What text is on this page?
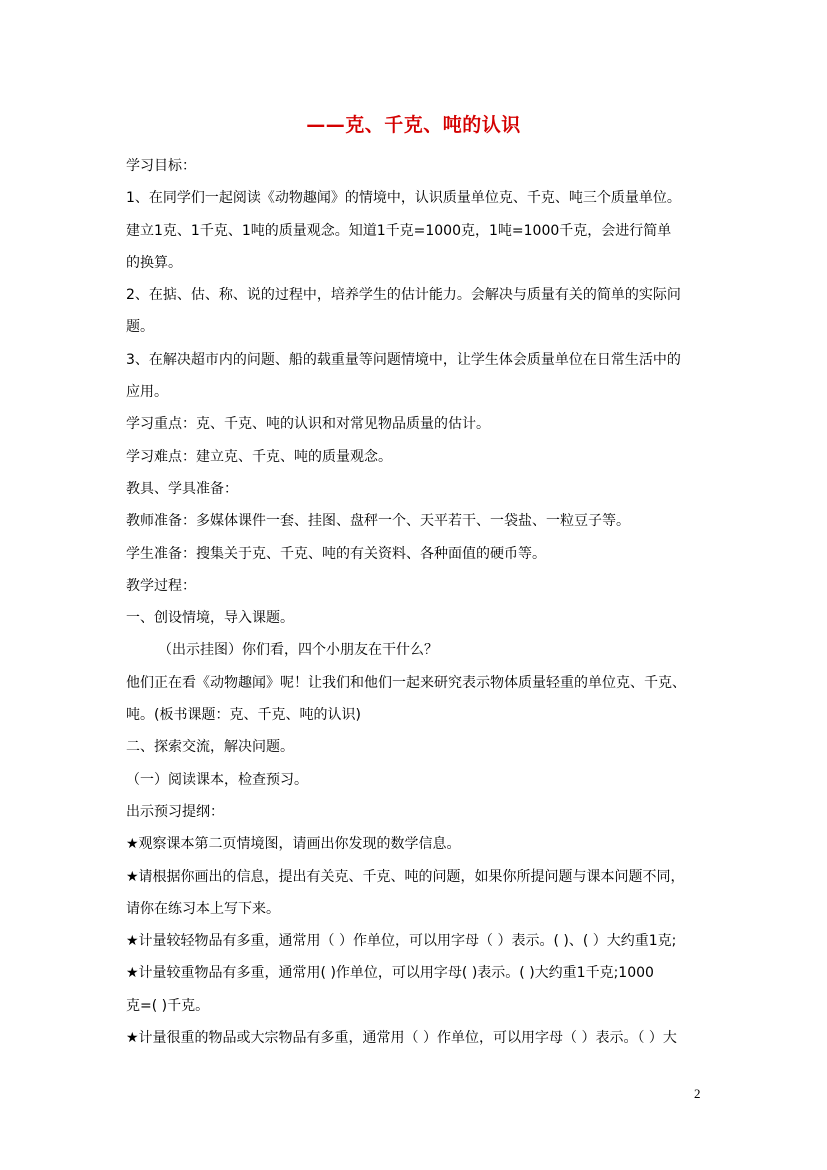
——克、千克、吨的认识
学习目标：
1、在同学们一起阅读《动物趣闻》的情境中，认识质量单位克、千克、吨三个质量单位。
建立1克、1千克、1吨的质量观念。知道1千克=1000克，1吨=1000千克，会进行简单
的换算。
2、在掂、估、称、说的过程中，培养学生的估计能力。会解决与质量有关的简单的实际问
题。
3、在解决超市内的问题、船的载重量等问题情境中，让学生体会质量单位在日常生活中的
应用。
学习重点：克、千克、吨的认识和对常见物品质量的估计。
学习难点：建立克、千克、吨的质量观念。
教具、学具准备：
教师准备：多媒体课件一套、挂图、盘秤一个、天平若干、一袋盐、一粒豆子等。
学生准备：搜集关于克、千克、吨的有关资料、各种面值的硬币等。
教学过程：
一、创设情境，导入课题。
（出示挂图）你们看，四个小朋友在干什么？
他们正在看《动物趣闻》呢！让我们和他们一起来研究表示物体质量轻重的单位克、千克、
吨。(板书课题：克、千克、吨的认识)
二、探索交流，解决问题。
（一）阅读课本，检查预习。
出示预习提纲：
★观察课本第二页情境图，请画出你发现的数学信息。
★请根据你画出的信息，提出有关克、千克、吨的问题，如果你所提问题与课本问题不同，
请你在练习本上写下来。
★计量较轻物品有多重，通常用（ ）作单位，可以用字母（ ）表示。( )、( ）大约重1克;
★计量较重物品有多重，通常用( )作单位，可以用字母( )表示。( )大约重1千克;1000
克=( )千克。
★计量很重的物品或大宗物品有多重，通常用（ ）作单位，可以用字母（ ）表示。（ ）大
2
